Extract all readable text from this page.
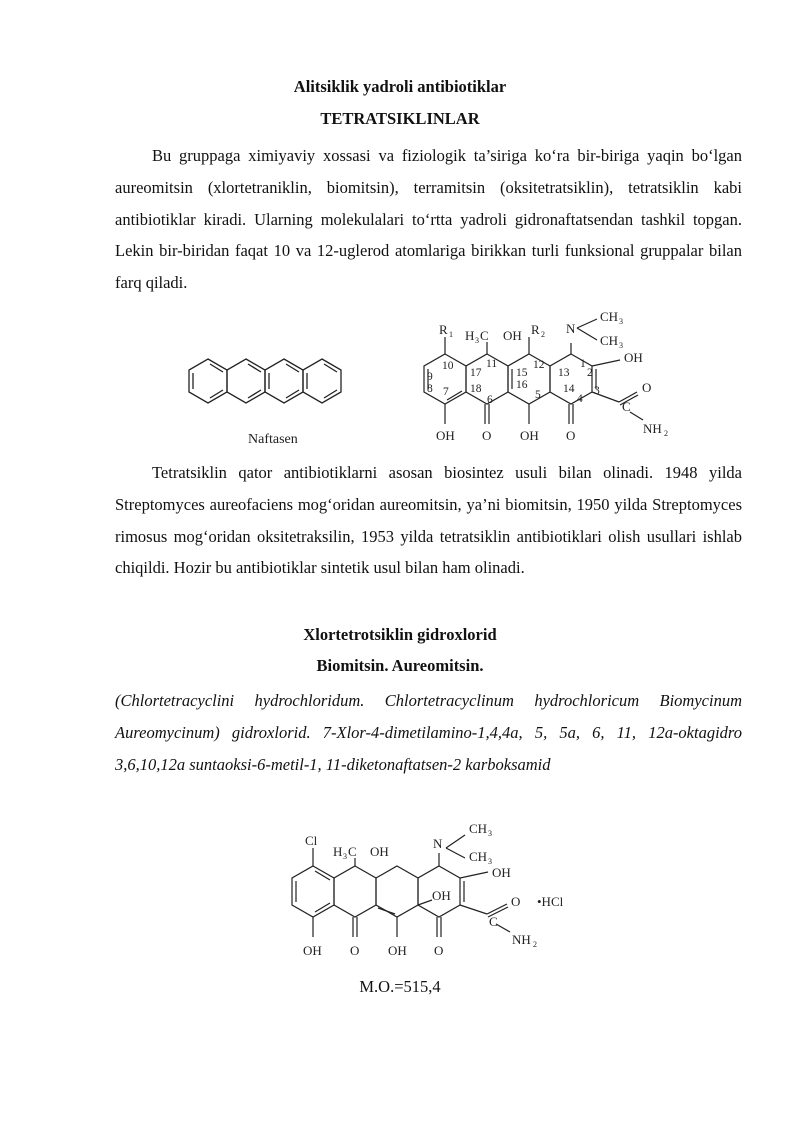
Alitsiklik yadroli antibiotiklar

TETRATSIKLINLAR

Bu gruppaga ximiyaviy xossasi va fiziologik ta’siriga ko‘ra bir-biriga yaqin bo‘lgan aureomitsin (xlortetraniklin, biomitsin), terramitsin (oksitetratsiklin), tetratsiklin kabi antibiotiklar kiradi. Ularning molekulalari to‘rtta yadroli gidronaftatsendan tashkil topgan. Lekin bir-biridan faqat 10 va 12-uglerod atomlariga birikkan turli funksional gruppalar bilan farq qiladi.

Naftasen
R 1 H 3 C OH R 2 N
CH 3
CH 3
OH
O
C
NH 2
OH O OH O
10
9
8 7
17
18
11
6
12
15
16
5
13
14
1
2
3
4

Tetratsiklin qator antibiotiklarni asosan biosintez usuli bilan olinadi. 1948 yilda Streptomyces aureofaciens mog‘oridan aureomitsin, ya’ni biomitsin, 1950 yilda Streptomyces rimosus mog‘oridan oksitetraksilin, 1953 yilda tetratsiklin antibiotiklari olish usullari ishlab chiqildi. Hozir bu antibiotiklar sintetik usul bilan ham olinadi.

Xlortetrotsiklin gidroxlorid

Biomitsin. Aureomitsin.

(Chlortetracyclini hydrochloridum. Chlortetracyclinum hydrochloricum Biomycinum Aureomycinum) gidroxlorid. 7-Xlor-4-dimetilamino-1,4,4a, 5, 5a, 6, 11, 12a-oktagidro 3,6,10,12a suntaoksi-6-metil-1, 11-diketonaftatsen-2 karboksamid

Cl
H 3 C OH
N
CH 3
CH 3
OH
OH	O
C
NH 2
•HCl
OH O OH O

M.O.=515,4
